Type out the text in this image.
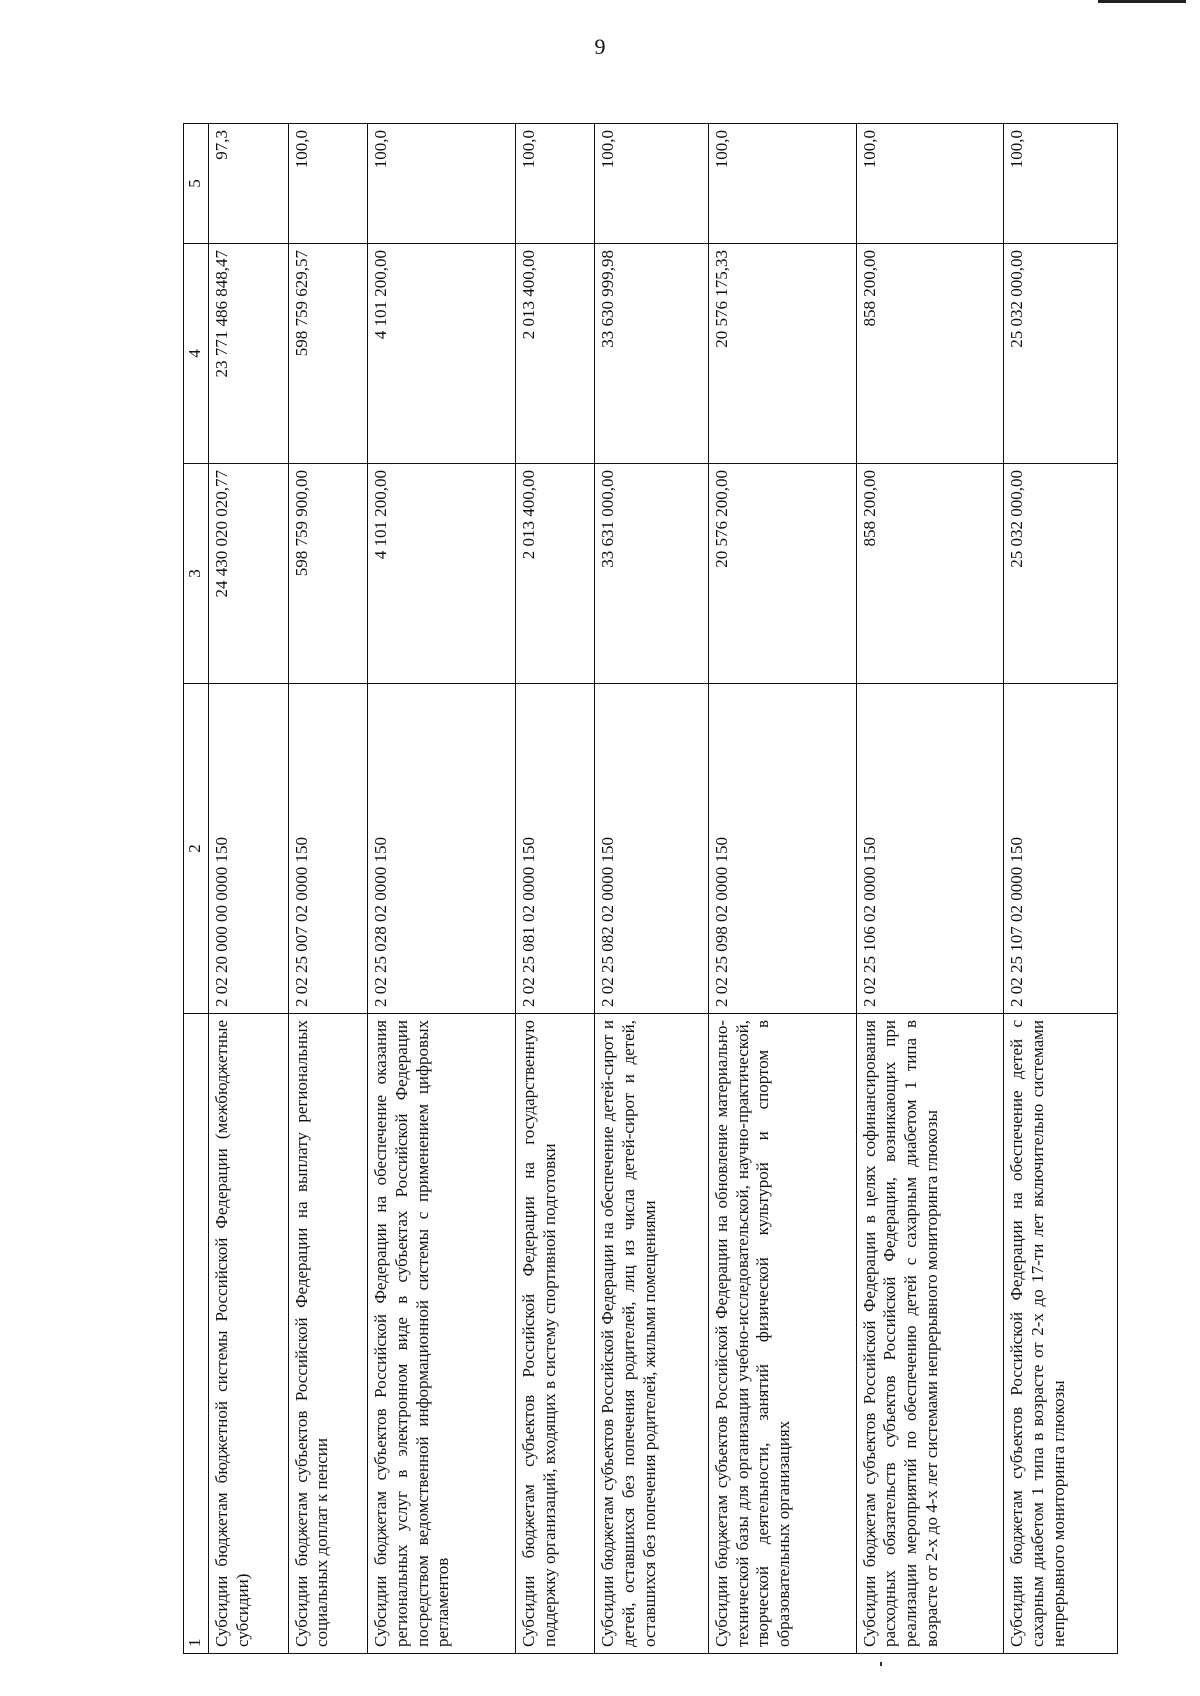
9
1	2	3	4	5
Субсидии бюджетам бюджетной системы Российской Федерации (межбюджетные субсидии)	2 02 20 000 00 0000 150	24 430 020 020,77	23 771 486 848,47	97,3
Субсидии бюджетам субъектов Российской Федерации на выплату региональных социальных доплат к пенсии	2 02 25 007 02 0000 150	598 759 900,00	598 759 629,57	100,0
Субсидии бюджетам субъектов Российской Федерации на обеспечение оказания региональных услуг в электронном виде в субъектах Российской Федерации посредством ведомственной информационной системы с применением цифровых регламентов	2 02 25 028 02 0000 150	4 101 200,00	4 101 200,00	100,0
Субсидии бюджетам субъектов Российской Федерации на государственную поддержку организаций, входящих в систему спортивной подготовки	2 02 25 081 02 0000 150	2 013 400,00	2 013 400,00	100,0
Субсидии бюджетам субъектов Российской Федерации на обеспечение детей-сирот и детей, оставшихся без попечения родителей, лиц из числа детей-сирот и детей, оставшихся без попечения родителей, жилыми помещениями	2 02 25 082 02 0000 150	33 631 000,00	33 630 999,98	100,0
Субсидии бюджетам субъектов Российской Федерации на обновление материально-технической базы для организации учебно-исследовательской, научно-практической, творческой деятельности, занятий физической культурой и спортом в образовательных организациях	2 02 25 098 02 0000 150	20 576 200,00	20 576 175,33	100,0
Субсидии бюджетам субъектов Российской Федерации в целях софинансирования расходных обязательств субъектов Российской Федерации, возникающих при реализации мероприятий по обеспечению детей с сахарным диабетом 1 типа в возрасте от 2-х до 4-х лет системами непрерывного мониторинга глюкозы	2 02 25 106 02 0000 150	858 200,00	858 200,00	100,0
Субсидии бюджетам субъектов Российской Федерации на обеспечение детей с сахарным диабетом 1 типа в возрасте от 2-х до 17-ти лет включительно системами непрерывного мониторинга глюкозы	2 02 25 107 02 0000 150	25 032 000,00	25 032 000,00	100,0
